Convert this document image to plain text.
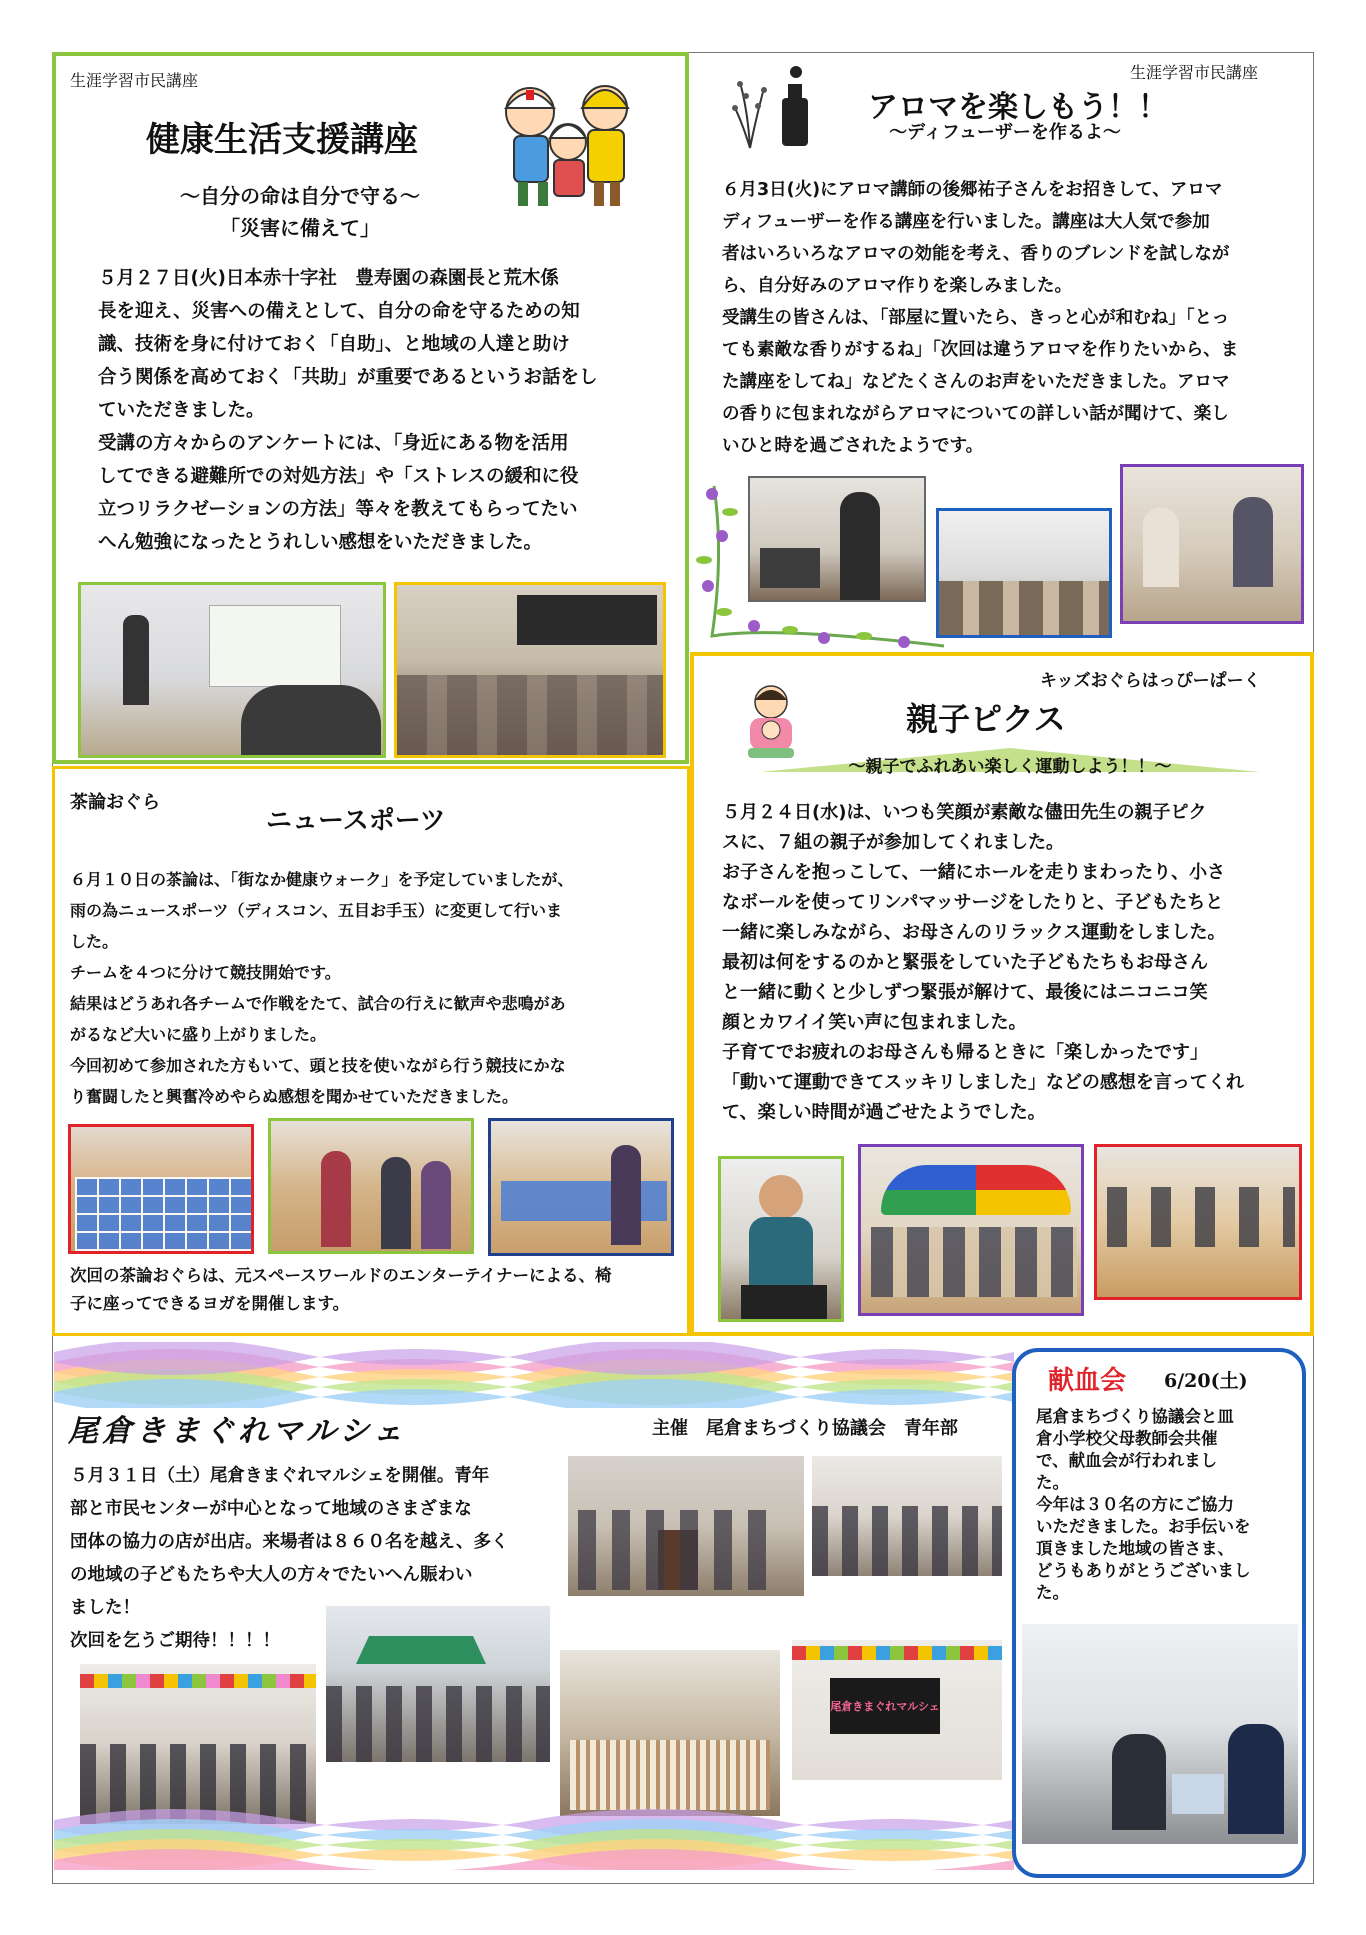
生涯学習市民講座
健康生活支援講座
～自分の命は自分で守る～
「災害に備えて」

５月２７日(火)日本赤十字社　豊寿園の森園長と荒木係

長を迎え、災害への備えとして、自分の命を守るための知

識、技術を身に付けておく「自助」、と地域の人達と助け

合う関係を高めておく「共助」が重要であるというお話をし

ていただきました。

受講の方々からのアンケートには、「身近にある物を活用

してできる避難所での対処方法」や「ストレスの緩和に役

立つリラクゼーションの方法」等々を教えてもらってたい

へん勉強になったとうれしい感想をいただきました。

生涯学習市民講座
アロマを楽しもう！！
～ディフューザーを作るよ～

６月3日(火)にアロマ講師の後郷祐子さんをお招きして、アロマ

ディフューザーを作る講座を行いました。講座は大人気で参加

者はいろいろなアロマの効能を考え、香りのブレンドを試しなが

ら、自分好みのアロマ作りを楽しみました。

受講生の皆さんは、「部屋に置いたら、きっと心が和むね」「とっ

ても素敵な香りがするね」「次回は違うアロマを作りたいから、ま

た講座をしてね」などたくさんのお声をいただきました。アロマ

の香りに包まれながらアロマについての詳しい話が聞けて、楽し

いひと時を過ごされたようです。

キッズおぐらはっぴーぱーく
親子ピクス
～親子でふれあい楽しく運動しよう！！～

５月２４日(水)は、いつも笑顔が素敵な儘田先生の親子ピク

スに、７組の親子が参加してくれました。

お子さんを抱っこして、一緒にホールを走りまわったり、小さ

なボールを使ってリンパマッサージをしたりと、子どもたちと

一緒に楽しみながら、お母さんのリラックス運動をしました。

最初は何をするのかと緊張をしていた子どもたちもお母さん

と一緒に動くと少しずつ緊張が解けて、最後にはニコニコ笑

顔とカワイイ笑い声に包まれました。

子育てでお疲れのお母さんも帰るときに「楽しかったです」

「動いて運動できてスッキリしました」などの感想を言ってくれ

て、楽しい時間が過ごせたようでした。

茶論おぐら
ニュースポーツ

６月１０日の茶論は、「街なか健康ウォーク」を予定していましたが、

雨の為ニュースポーツ（ディスコン、五目お手玉）に変更して行いま

した。

チームを４つに分けて競技開始です。

結果はどうあれ各チームで作戦をたて、試合の行えに歓声や悲鳴があ

がるなど大いに盛り上がりました。

今回初めて参加された方もいて、頭と技を使いながら行う競技にかな

り奮闘したと興奮冷めやらぬ感想を聞かせていただきました。

次回の茶論おぐらは、元スペースワールドのエンターテイナーによる、椅

子に座ってできるヨガを開催します。

尾倉きまぐれマルシェ	主催　尾倉まちづくり協議会　青年部

５月３１日（土）尾倉きまぐれマルシェを開催。青年

部と市民センターが中心となって地域のさまざまな

団体の協力の店が出店。来場者は８６０名を越え、多く

の地域の子どもたちや大人の方々でたいへん賑わい

ました！

次回を乞うご期待！！！！

尾倉きまぐれマルシェ
献血会 6/20(土)

尾倉まちづくり協議会と皿

倉小学校父母教師会共催

で、献血会が行われまし

た。

今年は３０名の方にご協力

いただきました。お手伝いを

頂きました地域の皆さま、

どうもありがとうございまし

た。
